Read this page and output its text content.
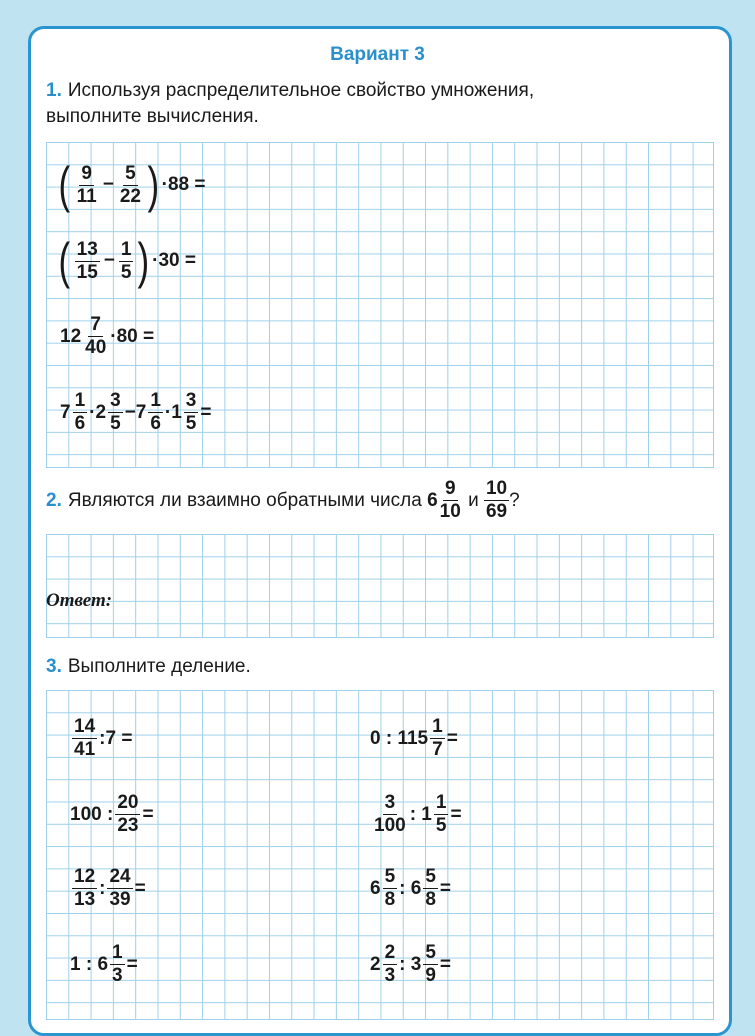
Вариант 3
1. Используя распределительное свойство умножения,
выполните вычисления.
( $\frac{9}{11} - \frac{5}{22}$ ) ·88 =
( $\frac{13}{15} - \frac{1}{5}$ ) ·30 =
$12 \frac{7}{40} \cdot 80$ =
$7 \frac{1}{6} \cdot 2 \frac{3}{5} -7 \frac{1}{6} \cdot 1 \frac{3}{5}$ =
2. Являются ли взаимно обратными числа
$6 \frac{9}{10}$
и
$\frac{10}{69}$ ?
Ответ:
3. Выполните деление.
$\frac{14}{41}$ :7 =
100 : $\frac{20}{23}$ =
$\frac{12}{13}$ : $\frac{24}{39}$ =
1 : $6 \frac{1}{3}$ =
0 : $115 \frac{1}{7}$ =
$\frac{3}{100}$ : $1 \frac{1}{5}$ =
$6 \frac{5}{8}$ : $6 \frac{5}{8}$ =
$2 \frac{2}{3}$ : $3 \frac{5}{9}$ =
